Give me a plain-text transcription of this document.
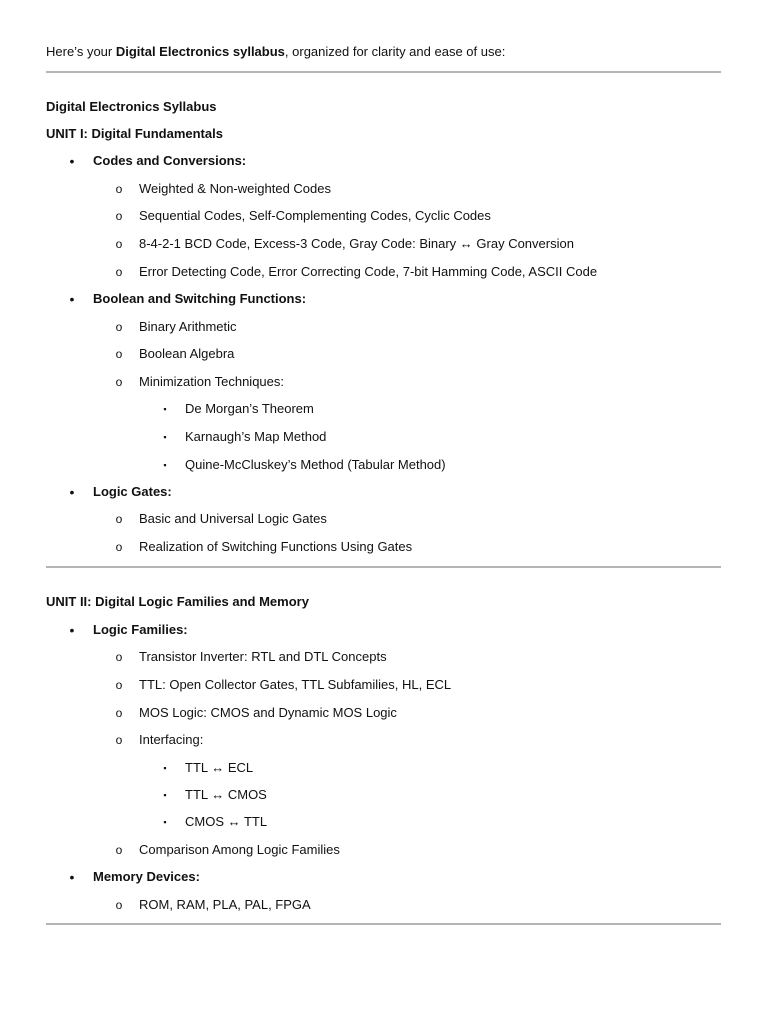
Here’s your Digital Electronics syllabus, organized for clarity and ease of use:
Digital Electronics Syllabus
UNIT I: Digital Fundamentals
• Codes and Conversions:
o Weighted & Non-weighted Codes
o Sequential Codes, Self-Complementing Codes, Cyclic Codes
o 8-4-2-1 BCD Code, Excess-3 Code, Gray Code: Binary ↔ Gray Conversion
o Error Detecting Code, Error Correcting Code, 7-bit Hamming Code, ASCII Code
• Boolean and Switching Functions:
o Binary Arithmetic
o Boolean Algebra
o Minimization Techniques:
▪	De Morgan’s Theorem
▪	Karnaugh’s Map Method
▪	Quine-McCluskey’s Method (Tabular Method)
• Logic Gates:
o Basic and Universal Logic Gates
o Realization of Switching Functions Using Gates
UNIT II: Digital Logic Families and Memory
• Logic Families:
o Transistor Inverter: RTL and DTL Concepts
o TTL: Open Collector Gates, TTL Subfamilies, HL, ECL
o MOS Logic: CMOS and Dynamic MOS Logic
o Interfacing:
▪	TTL ↔ ECL
▪	TTL ↔ CMOS
▪	CMOS ↔ TTL
o Comparison Among Logic Families
• Memory Devices:
o ROM, RAM, PLA, PAL, FPGA
